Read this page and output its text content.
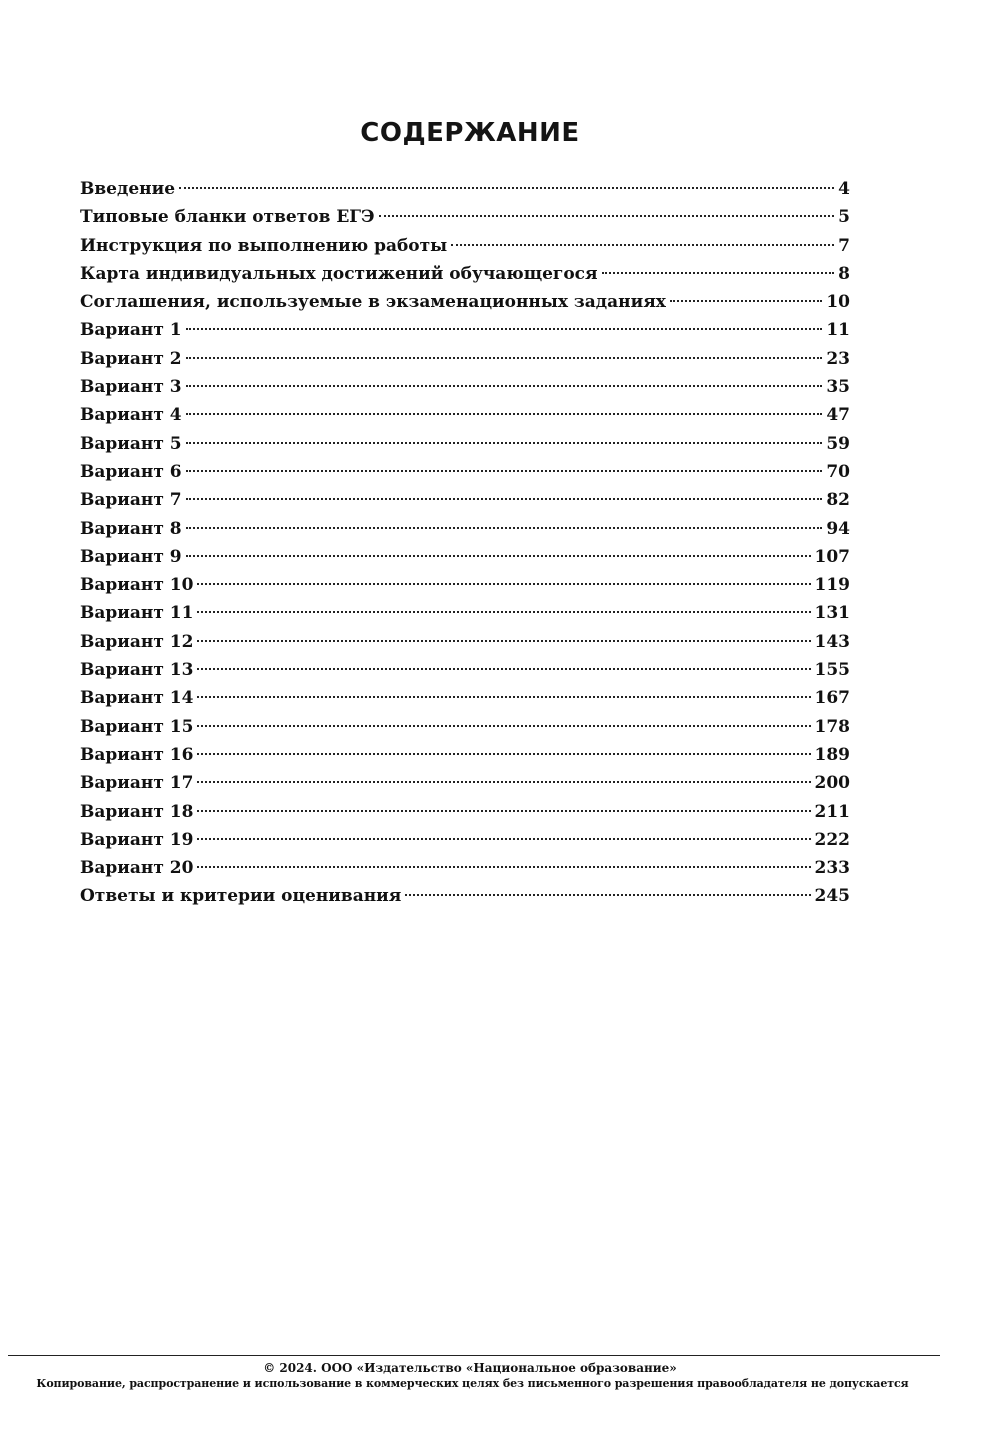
СОДЕРЖАНИЕ
Введение	4
Типовые бланки ответов ЕГЭ	5
Инструкция по выполнению работы	7
Карта индивидуальных достижений обучающегося	8
Соглашения, используемые в экзаменационных заданиях	10
Вариант 1	11
Вариант 2	23
Вариант 3	35
Вариант 4	47
Вариант 5	59
Вариант 6	70
Вариант 7	82
Вариант 8	94
Вариант 9	107
Вариант 10	119
Вариант 11	131
Вариант 12	143
Вариант 13	155
Вариант 14	167
Вариант 15	178
Вариант 16	189
Вариант 17	200
Вариант 18	211
Вариант 19	222
Вариант 20	233
Ответы и критерии оценивания	245
© 2024. ООО «Издательство «Национальное образование»
Копирование, распространение и использование в коммерческих целях без письменного разрешения правообладателя не допускается
